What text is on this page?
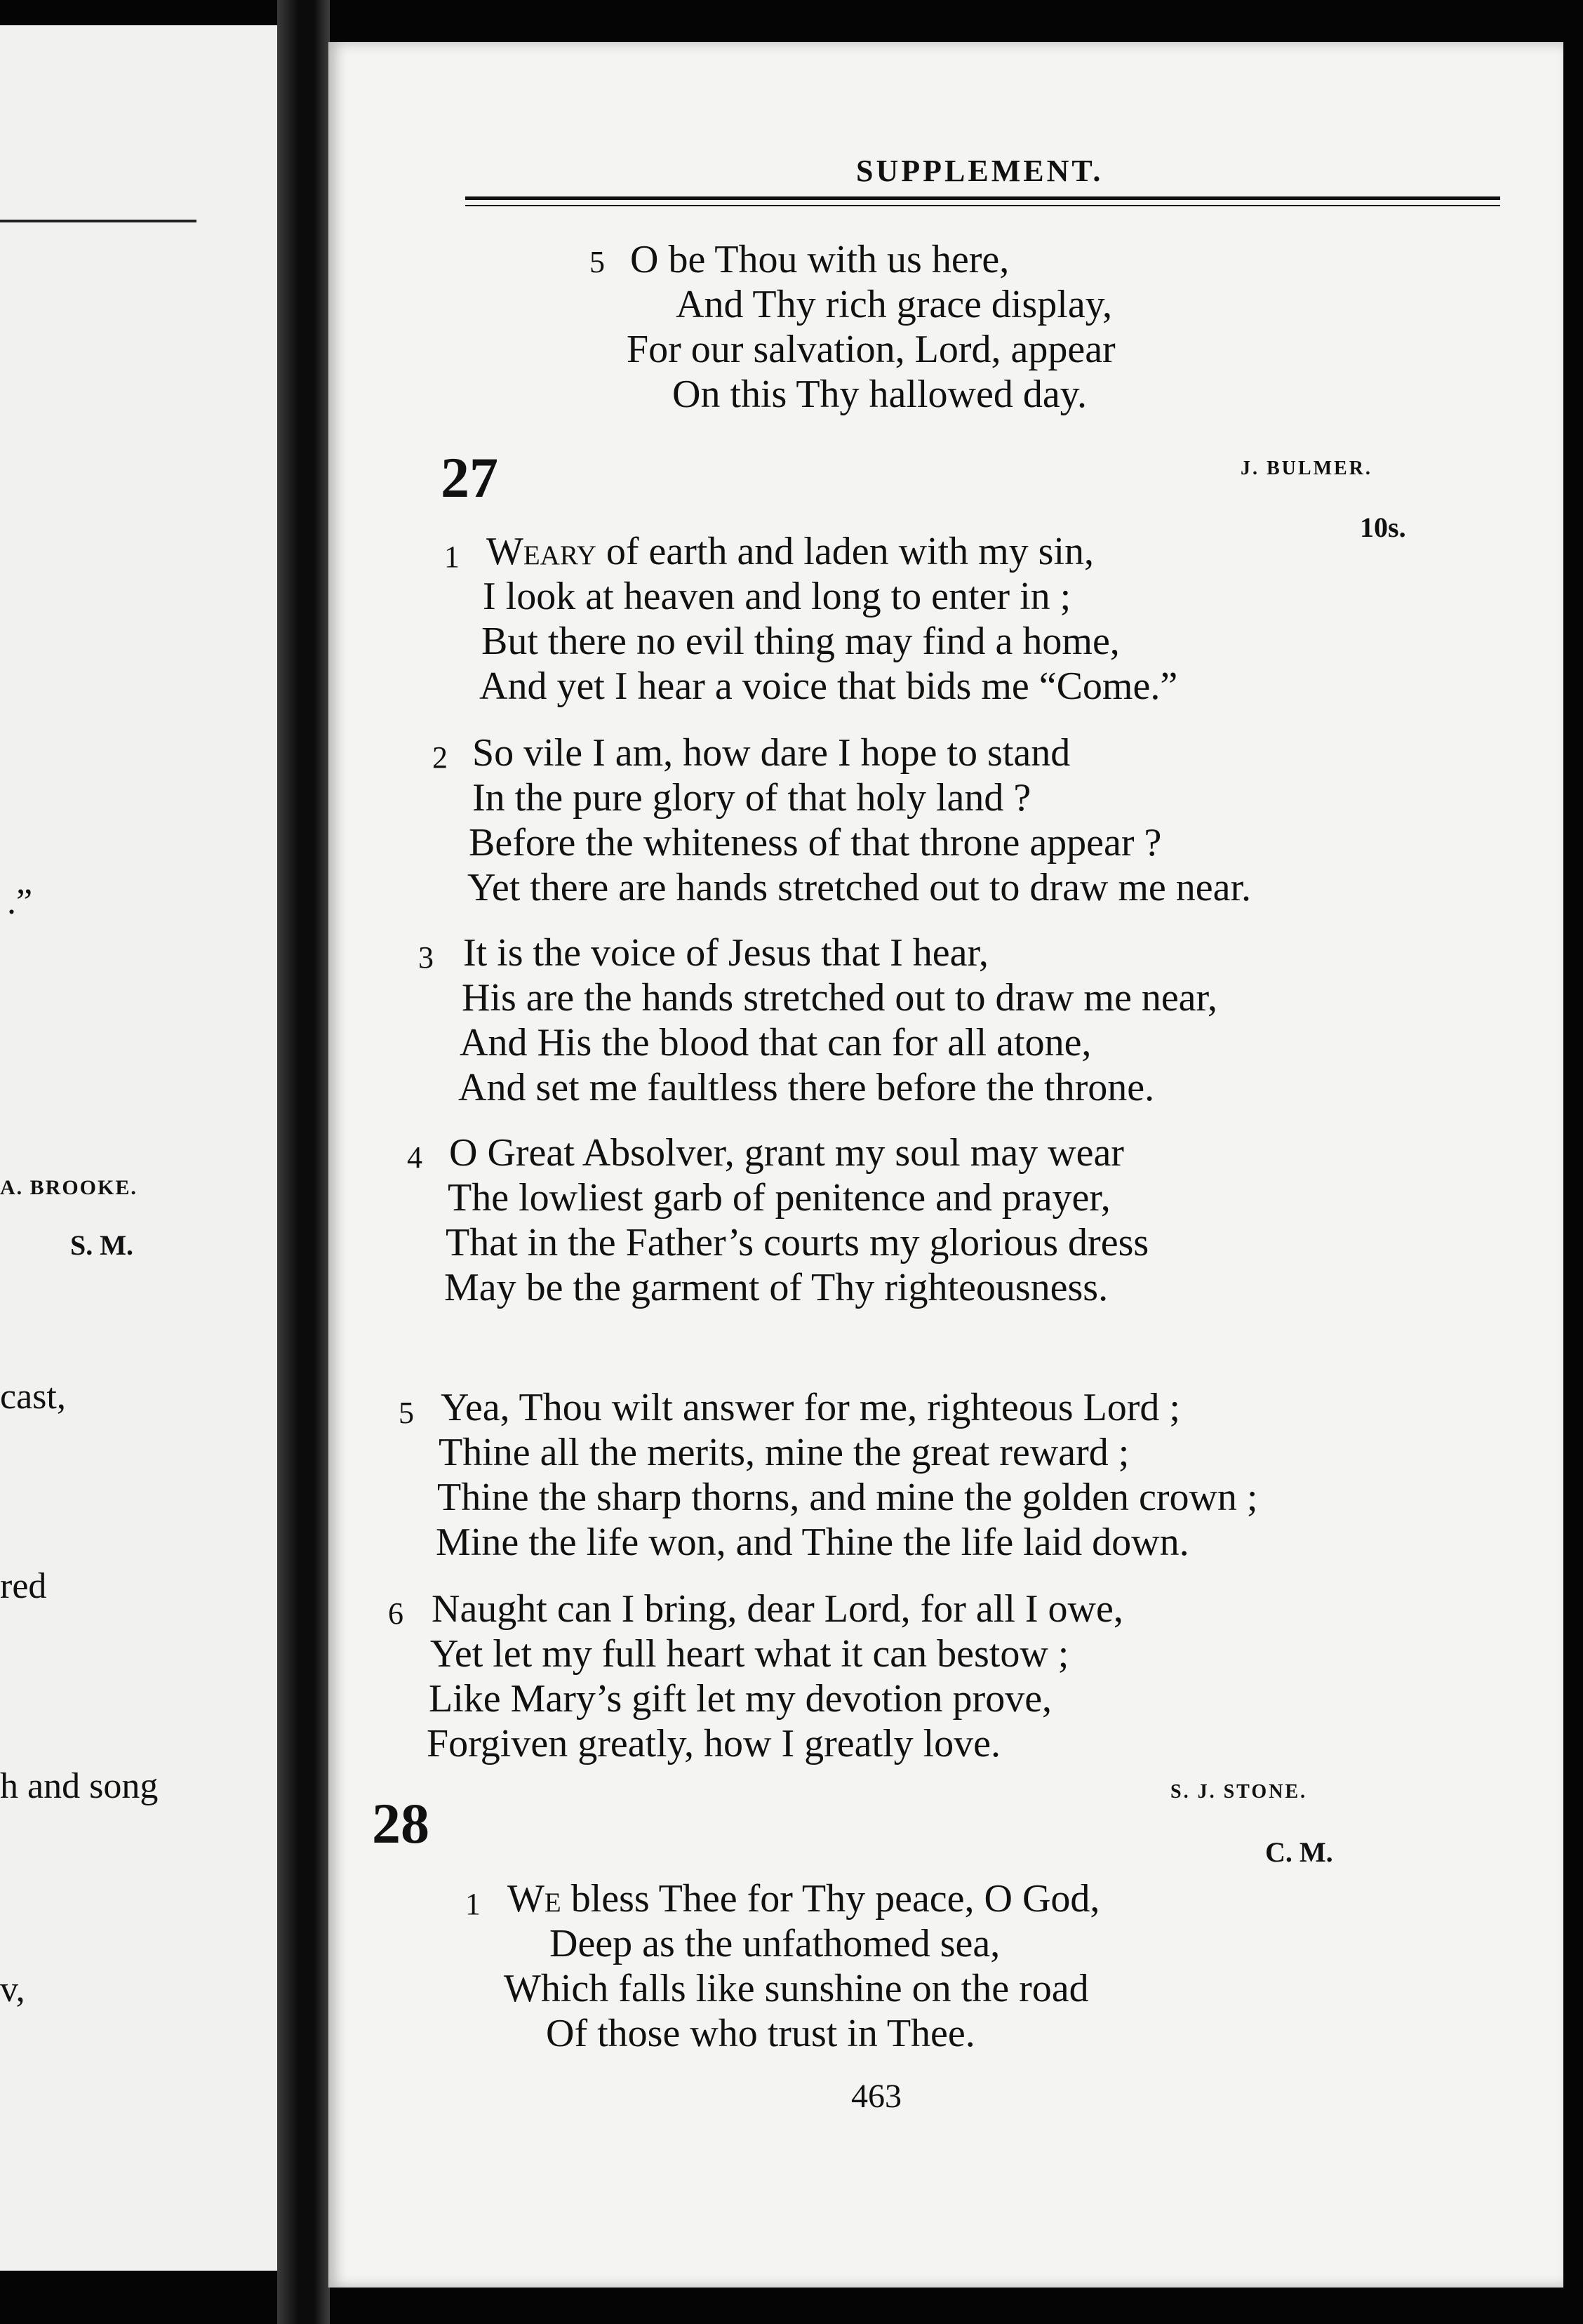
.”
A. BROOKE.
S. M.
cast,
red
h and song
v,
SUPPLEMENT.
5 O be Thou with us here,
And Thy rich grace display,
For our salvation, Lord, appear
On this Thy hallowed day.
27	J. BULMER.
10s.
1 Weary of earth and laden with my sin,
I look at heaven and long to enter in ;
But there no evil thing may find a home,
And yet I hear a voice that bids me “Come.”
2 So vile I am, how dare I hope to stand
In the pure glory of that holy land ?
Before the whiteness of that throne appear ?
Yet there are hands stretched out to draw me near.
3 It is the voice of Jesus that I hear,
His are the hands stretched out to draw me near,
And His the blood that can for all atone,
And set me faultless there before the throne.
4 O Great Absolver, grant my soul may wear
The lowliest garb of penitence and prayer,
That in the Father’s courts my glorious dress
May be the garment of Thy righteousness.
5 Yea, Thou wilt answer for me, righteous Lord ;
Thine all the merits, mine the great reward ;
Thine the sharp thorns, and mine the golden crown ;
Mine the life won, and Thine the life laid down.
6 Naught can I bring, dear Lord, for all I owe,
Yet let my full heart what it can bestow ;
Like Mary’s gift let my devotion prove,
Forgiven greatly, how I greatly love.
28	S. J. STONE.
C. M.
1 We bless Thee for Thy peace, O God,
Deep as the unfathomed sea,
Which falls like sunshine on the road
Of those who trust in Thee.
463
